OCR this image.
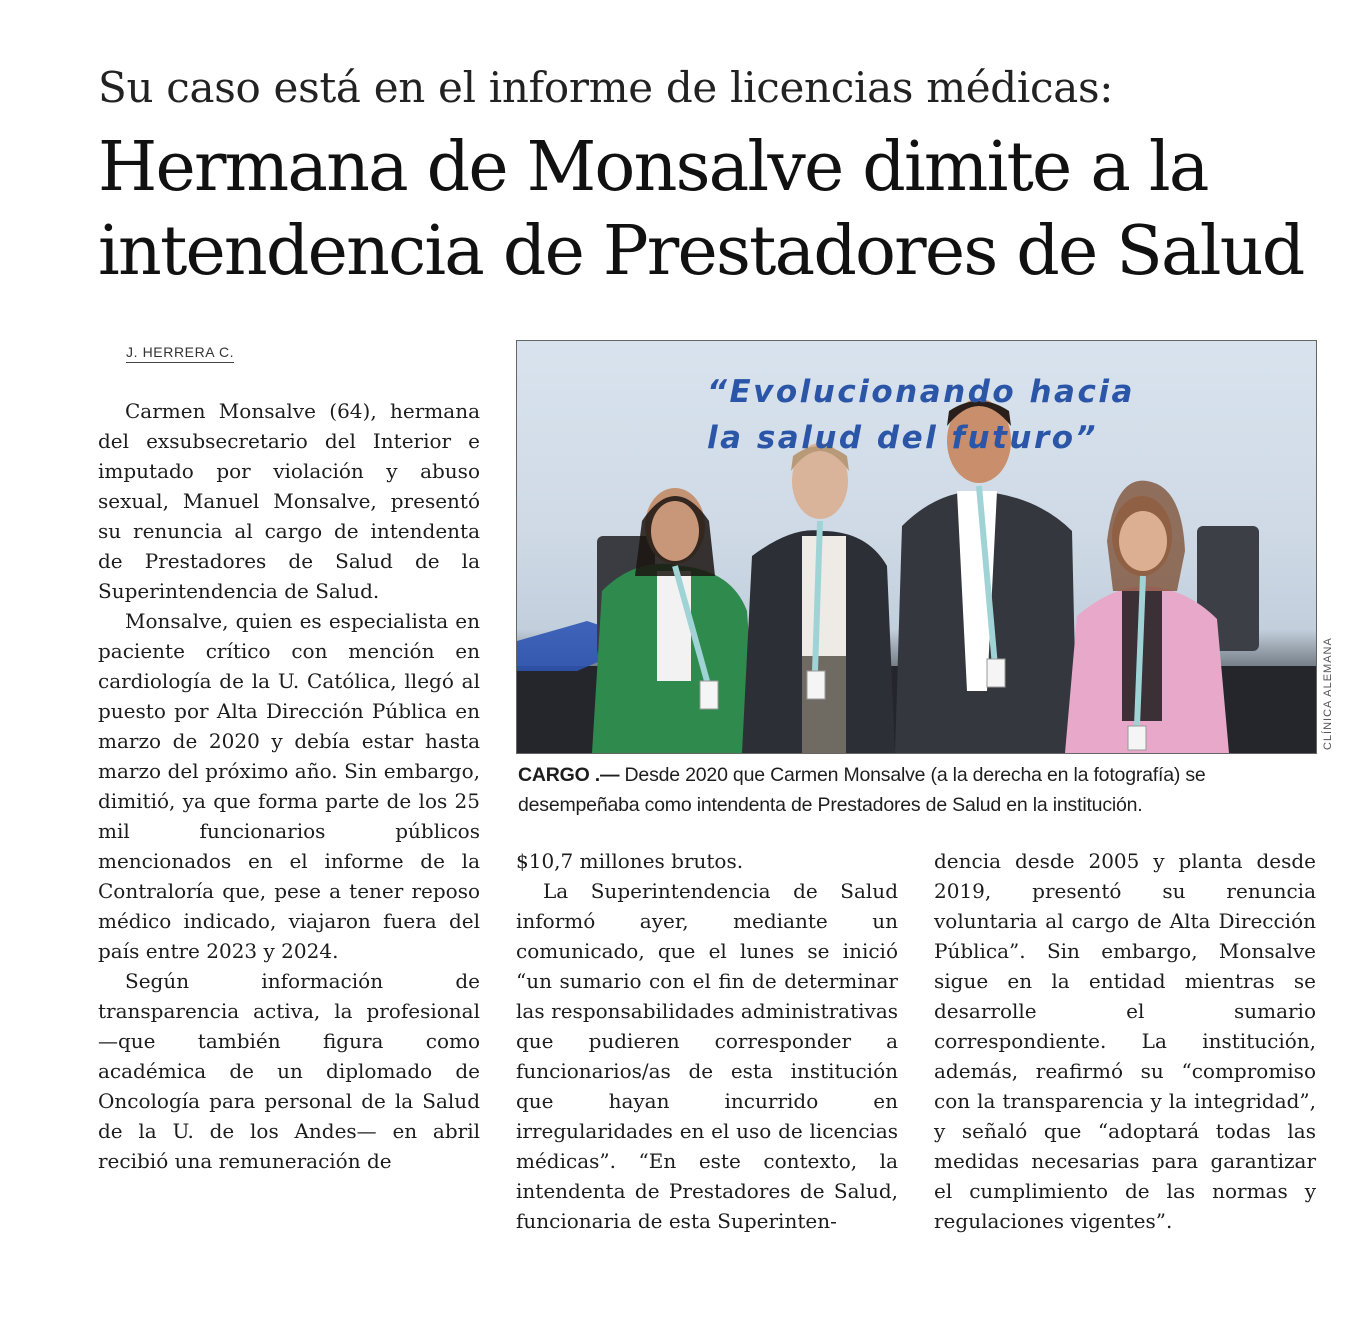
Su caso está en el informe de licencias médicas:
Hermana de Monsalve dimite a la
intendencia de Prestadores de Salud
J. HERRERA C.

Carmen Monsalve (64), hermana del exsubsecretario del Interior e imputado por violación y abuso sexual, Manuel Monsalve, presentó su renuncia al cargo de intendenta de Prestadores de Salud de la Superintendencia de Salud.

Monsalve, quien es especialista en paciente crítico con mención en cardiología de la U. Católica, llegó al puesto por Alta Dirección Pública en marzo de 2020 y debía estar hasta marzo del próximo año. Sin embargo, dimitió, ya que forma parte de los 25 mil funcionarios públicos mencionados en el informe de la Contraloría que, pese a tener reposo médico indicado, viajaron fuera del país entre 2023 y 2024.

Según información de transparencia activa, la profesional —que también figura como académica de un diplomado de Oncología para personal de la Salud de la U. de los Andes— en abril recibió una remuneración de

“Evolucionando hacia
la salud del futuro”
CLÍNICA ALEMANA
CARGO .— Desde 2020 que Carmen Monsalve (a la derecha en la fotografía) se desempeñaba como intendenta de Prestadores de Salud en la institución.

$10,7 millones brutos.

La Superintendencia de Salud informó ayer, mediante un comunicado, que el lunes se inició “un sumario con el fin de determinar las responsabilidades administrativas que pudieren corresponder a funcionarios/as de esta institución que hayan incurrido en irregularidades en el uso de licencias médicas”. “En este contexto, la intendenta de Prestadores de Salud, funcionaria de esta Superinten-

dencia desde 2005 y planta desde 2019, presentó su renuncia voluntaria al cargo de Alta Dirección Pública”. Sin embargo, Monsalve sigue en la entidad mientras se desarrolle el sumario correspondiente. La institución, además, reafirmó su “compromiso con la transparencia y la integridad”, y señaló que “adoptará todas las medidas necesarias para garantizar el cumplimiento de las normas y regulaciones vigentes”.
